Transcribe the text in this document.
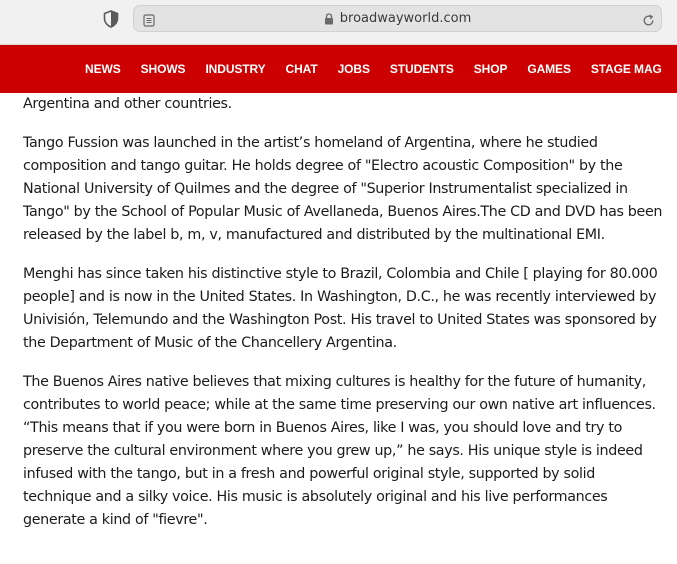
broadwayworld.com
NEWS SHOWS INDUSTRY CHAT JOBS STUDENTS SHOP GAMES STAGE MAG

Argentina and other countries.

Tango Fussion was launched in the artist’s homeland of Argentina, where he studied composition and tango guitar. He holds degree of "Electro acoustic Composition" by the National University of Quilmes and the degree of "Superior Instrumentalist specialized in Tango" by the School of Popular Music of Avellaneda, Buenos Aires.The CD and DVD has been released by the label b, m, v, manufactured and distributed by the multinational EMI.

Menghi has since taken his distinctive style to Brazil, Colombia and Chile [ playing for 80.000 people] and is now in the United States. In Washington, D.C., he was recently interviewed by Univisión, Telemundo and the Washington Post. His travel to United States was sponsored by the Department of Music of the Chancellery Argentina.

The Buenos Aires native believes that mixing cultures is healthy for the future of humanity, contributes to world peace; while at the same time preserving our own native art influences. “This means that if you were born in Buenos Aires, like I was, you should love and try to preserve the cultural environment where you grew up,” he says. His unique style is indeed infused with the tango, but in a fresh and powerful original style, supported by solid technique and a silky voice. His music is absolutely original and his live performances generate a kind of "fievre".
